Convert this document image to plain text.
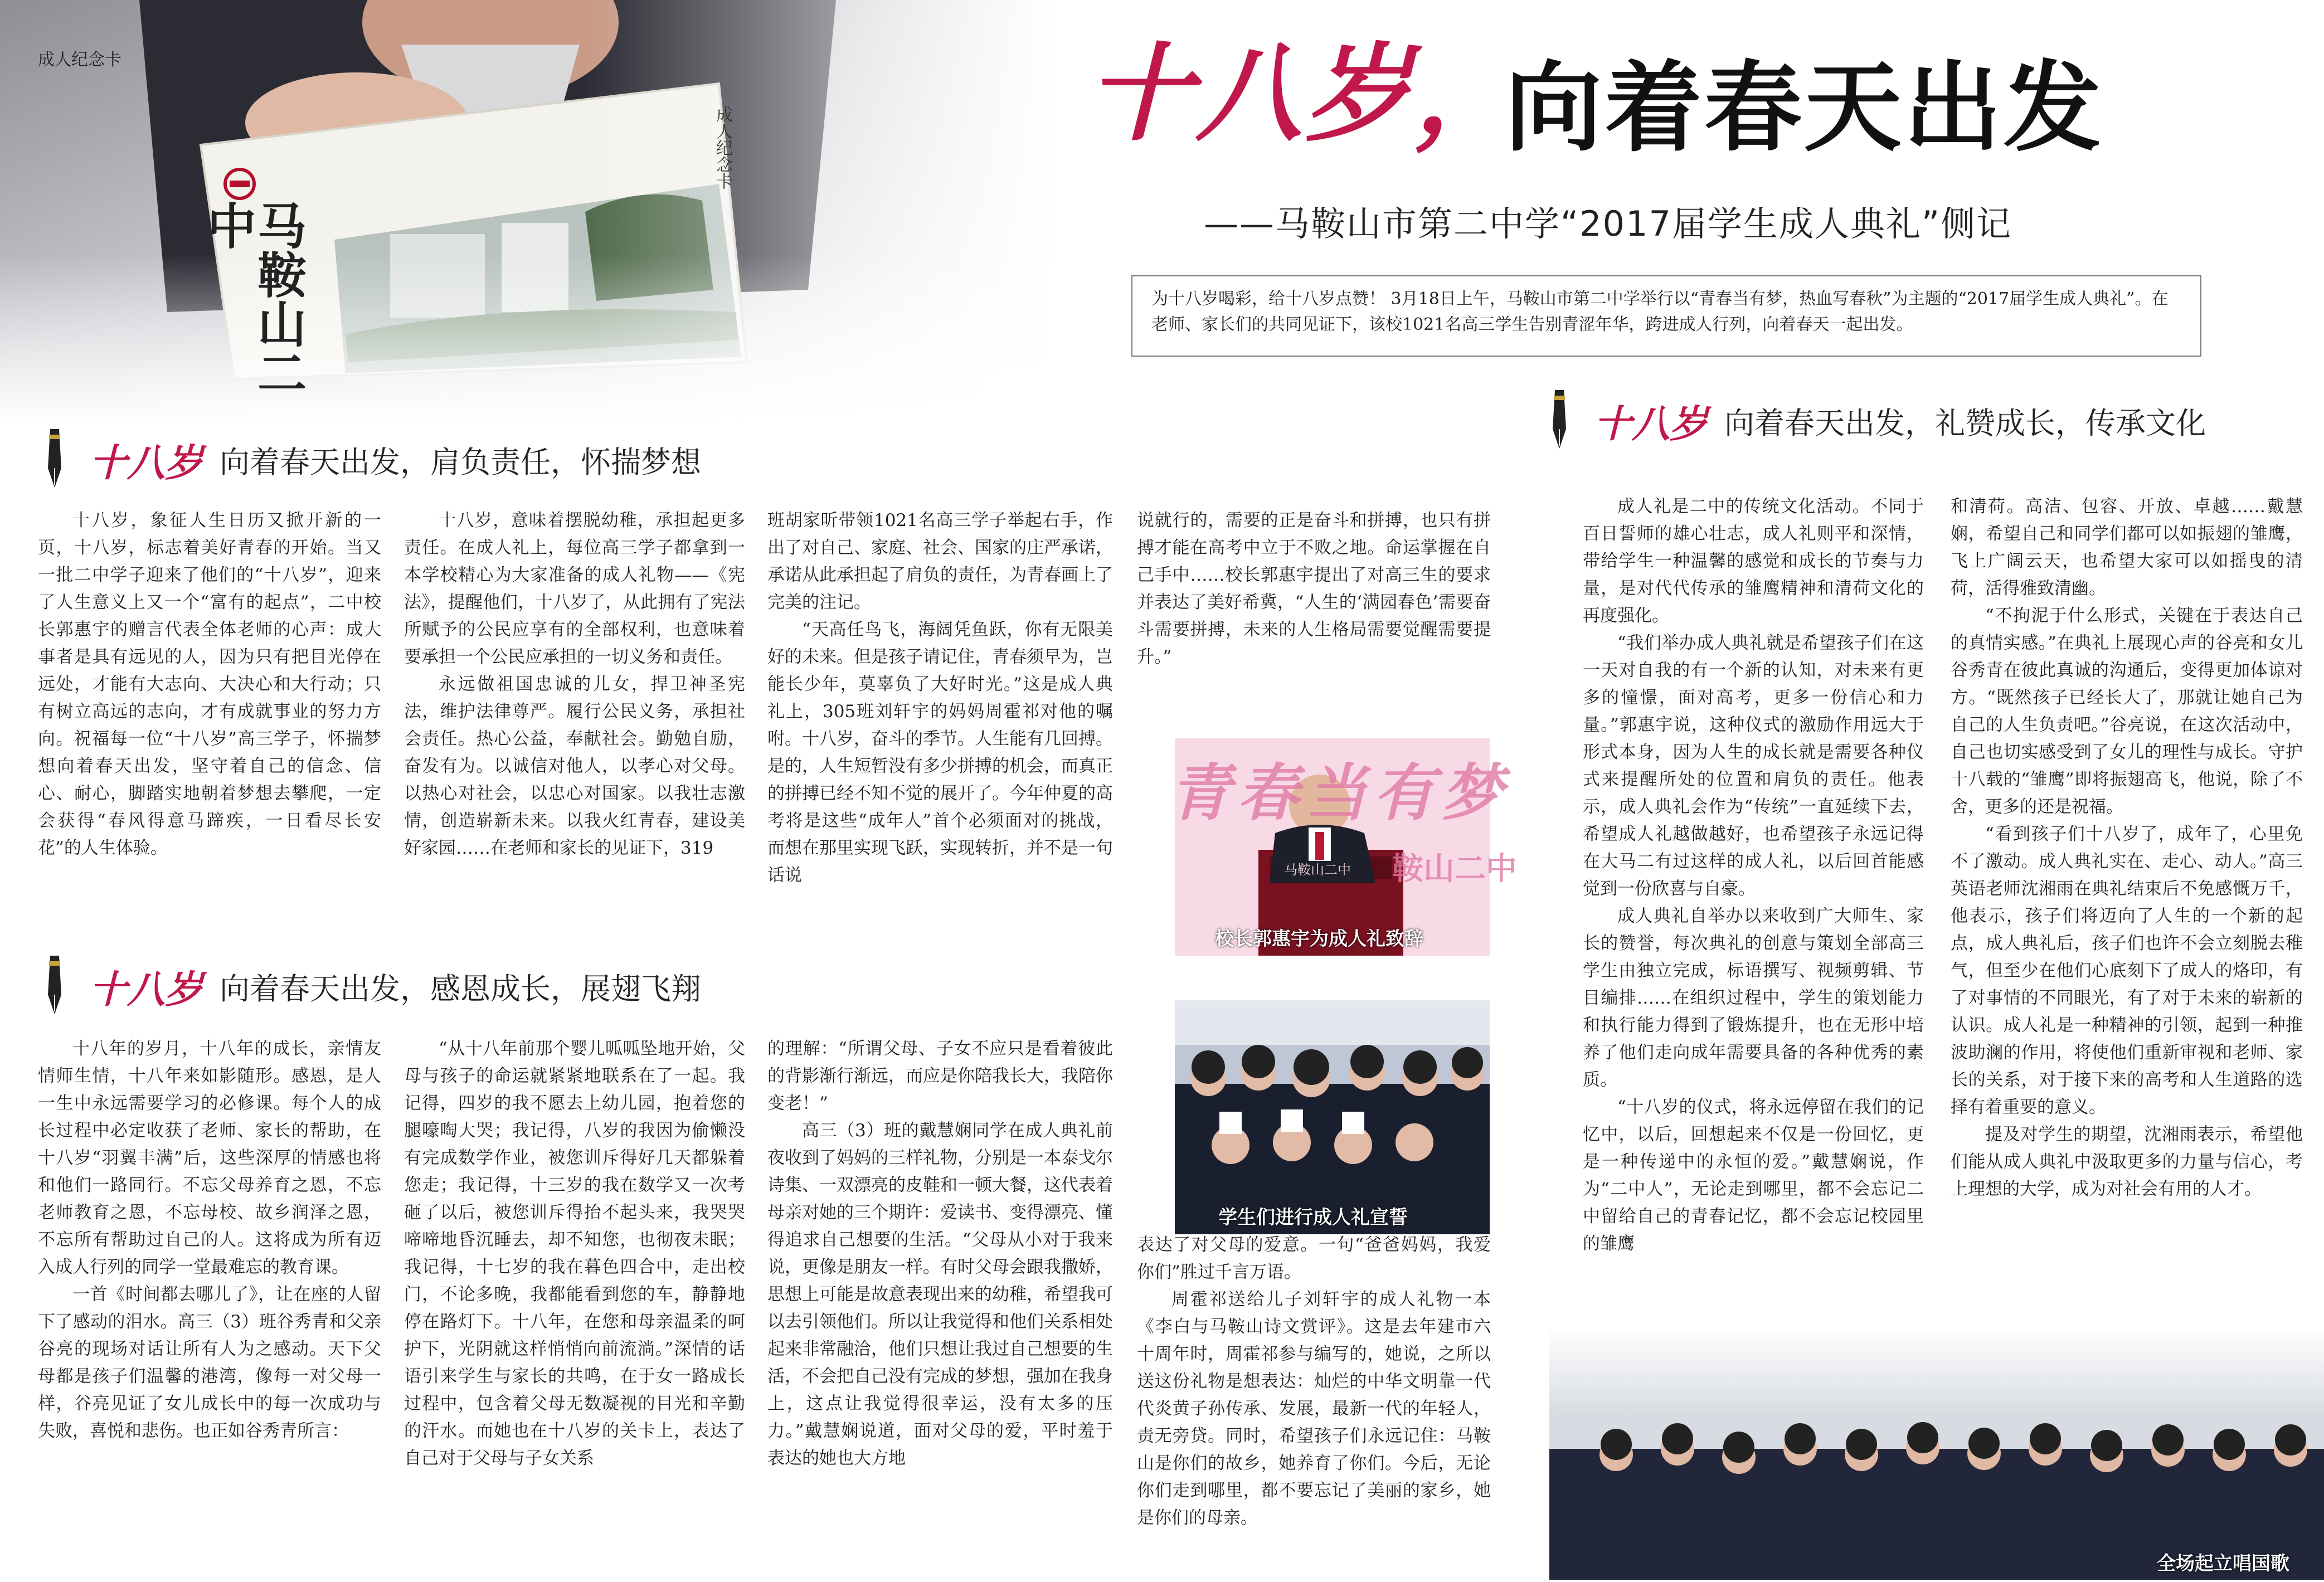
马鞍山二中
成人纪念卡
成人纪念卡	十八岁，
向着春天出发
——马鞍山市第二中学“2017届学生成人典礼”侧记
为十八岁喝彩，给十八岁点赞！ 3月18日上午，马鞍山市第二中学举行以“青春当有梦，热血写春秋”为主题的“2017届学生成人典礼”。在老师、家长们的共同见证下，该校1021名高三学生告别青涩年华，跨进成人行列，向着春天一起出发。
十八岁 向着春天出发，肩负责任，怀揣梦想

十八岁，象征人生日历又掀开新的一页，十八岁，标志着美好青春的开始。当又一批二中学子迎来了他们的“十八岁”，迎来了人生意义上又一个“富有的起点”，二中校长郭惠宇的赠言代表全体老师的心声：成大事者是具有远见的人，因为只有把目光停在远处，才能有大志向、大决心和大行动；只有树立高远的志向，才有成就事业的努力方向。祝福每一位“十八岁”高三学子，怀揣梦想向着春天出发，坚守着自己的信念、信心、耐心，脚踏实地朝着梦想去攀爬，一定会获得“春风得意马蹄疾，一日看尽长安花”的人生体验。

十八岁，意味着摆脱幼稚，承担起更多责任。在成人礼上，每位高三学子都拿到一本学校精心为大家准备的成人礼物——《宪法》，提醒他们，十八岁了，从此拥有了宪法所赋予的公民应享有的全部权利，也意味着要承担一个公民应承担的一切义务和责任。

永远做祖国忠诚的儿女，捍卫神圣宪法，维护法律尊严。履行公民义务，承担社会责任。热心公益，奉献社会。勤勉自励，奋发有为。以诚信对他人，以孝心对父母。以热心对社会，以忠心对国家。以我壮志激情，创造崭新未来。以我火红青春，建设美好家园……在老师和家长的见证下，319

班胡家昕带领1021名高三学子举起右手，作出了对自己、家庭、社会、国家的庄严承诺，承诺从此承担起了肩负的责任，为青春画上了完美的注记。

“天高任鸟飞，海阔凭鱼跃，你有无限美好的未来。但是孩子请记住，青春须早为，岂能长少年，莫辜负了大好时光。”这是成人典礼上，305班刘轩宇的妈妈周霍祁对他的嘱咐。十八岁，奋斗的季节。人生能有几回搏。是的，人生短暂没有多少拼搏的机会，而真正的拼搏已经不知不觉的展开了。今年仲夏的高考将是这些“成年人”首个必须面对的挑战，而想在那里实现飞跃，实现转折，并不是一句话说

说就行的，需要的正是奋斗和拼搏，也只有拼搏才能在高考中立于不败之地。命运掌握在自己手中……校长郭惠宇提出了对高三生的要求并表达了美好希冀，“人生的‘满园春色’需要奋斗需要拼搏，未来的人生格局需要觉醒需要提升。”

青春当有梦
鞍山二中
马鞍山二中
校长郭惠宇为成人礼致辞
十八岁 向着春天出发，感恩成长，展翅飞翔

十八年的岁月，十八年的成长，亲情友情师生情，十八年来如影随形。感恩，是人一生中永远需要学习的必修课。每个人的成长过程中必定收获了老师、家长的帮助，在十八岁“羽翼丰满”后，这些深厚的情感也将和他们一路同行。不忘父母养育之恩，不忘老师教育之恩，不忘母校、故乡润泽之恩，不忘所有帮助过自己的人。这将成为所有迈入成人行列的同学一堂最难忘的教育课。

一首《时间都去哪儿了》，让在座的人留下了感动的泪水。高三（3）班谷秀青和父亲谷亮的现场对话让所有人为之感动。天下父母都是孩子们温馨的港湾，像每一对父母一样，谷亮见证了女儿成长中的每一次成功与失败，喜悦和悲伤。也正如谷秀青所言：

“从十八年前那个婴儿呱呱坠地开始，父母与孩子的命运就紧紧地联系在了一起。我记得，四岁的我不愿去上幼儿园，抱着您的腿嚎啕大哭；我记得，八岁的我因为偷懒没有完成数学作业，被您训斥得好几天都躲着您走；我记得，十三岁的我在数学又一次考砸了以后，被您训斥得抬不起头来，我哭哭啼啼地昏沉睡去，却不知您，也彻夜未眠；我记得，十七岁的我在暮色四合中，走出校门，不论多晚，我都能看到您的车，静静地停在路灯下。十八年，在您和母亲温柔的呵护下，光阴就这样悄悄向前流淌。”深情的话语引来学生与家长的共鸣，在于女一路成长过程中，包含着父母无数凝视的目光和辛勤的汗水。而她也在十八岁的关卡上，表达了自己对于父母与子女关系

的理解：“所谓父母、子女不应只是看着彼此的背影渐行渐远，而应是你陪我长大，我陪你变老！”

高三（3）班的戴慧娴同学在成人典礼前夜收到了妈妈的三样礼物，分别是一本泰戈尔诗集、一双漂亮的皮鞋和一顿大餐，这代表着母亲对她的三个期许：爱读书、变得漂亮、懂得追求自己想要的生活。“父母从小对于我来说，更像是朋友一样。有时父母会跟我撒娇，思想上可能是故意表现出来的幼稚，希望我可以去引领他们。所以让我觉得和他们关系相处起来非常融洽，他们只想让我过自己想要的生活，不会把自己没有完成的梦想，强加在我身上，这点让我觉得很幸运，没有太多的压力。”戴慧娴说道，面对父母的爱，平时羞于表达的她也大方地

学生们进行成人礼宣誓

表达了对父母的爱意。一句“爸爸妈妈，我爱你们”胜过千言万语。

周霍祁送给儿子刘轩宇的成人礼物一本《李白与马鞍山诗文赏评》。这是去年建市六十周年时，周霍祁参与编写的，她说，之所以送这份礼物是想表达：灿烂的中华文明靠一代代炎黄子孙传承、发展，最新一代的年轻人，责无旁贷。同时，希望孩子们永远记住：马鞍山是你们的故乡，她养育了你们。今后，无论你们走到哪里，都不要忘记了美丽的家乡，她是你们的母亲。

十八岁 向着春天出发，礼赞成长，传承文化

成人礼是二中的传统文化活动。不同于百日誓师的雄心壮志，成人礼则平和深情，带给学生一种温馨的感觉和成长的节奏与力量，是对代代传承的雏鹰精神和清荷文化的再度强化。

“我们举办成人典礼就是希望孩子们在这一天对自我的有一个新的认知，对未来有更多的憧憬，面对高考，更多一份信心和力量。”郭惠宇说，这种仪式的激励作用远大于形式本身，因为人生的成长就是需要各种仪式来提醒所处的位置和肩负的责任。他表示，成人典礼会作为“传统”一直延续下去，希望成人礼越做越好，也希望孩子永远记得在大马二有过这样的成人礼，以后回首能感觉到一份欣喜与自豪。

成人典礼自举办以来收到广大师生、家长的赞誉，每次典礼的创意与策划全部高三学生由独立完成，标语撰写、视频剪辑、节目编排……在组织过程中，学生的策划能力和执行能力得到了锻炼提升，也在无形中培养了他们走向成年需要具备的各种优秀的素质。

“十八岁的仪式，将永远停留在我们的记忆中，以后，回想起来不仅是一份回忆，更是一种传递中的永恒的爱。”戴慧娴说，作为“二中人”，无论走到哪里，都不会忘记二中留给自己的青春记忆，都不会忘记校园里的雏鹰

和清荷。高洁、包容、开放、卓越……戴慧娴，希望自己和同学们都可以如振翅的雏鹰，飞上广阔云天，也希望大家可以如摇曳的清荷，活得雅致清幽。

“不拘泥于什么形式，关键在于表达自己的真情实感。”在典礼上展现心声的谷亮和女儿谷秀青在彼此真诚的沟通后，变得更加体谅对方。“既然孩子已经长大了，那就让她自己为自己的人生负责吧。”谷亮说，在这次活动中，自己也切实感受到了女儿的理性与成长。守护十八载的“雏鹰”即将振翅高飞，他说，除了不舍，更多的还是祝福。

“看到孩子们十八岁了，成年了，心里免不了激动。成人典礼实在、走心、动人。”高三英语老师沈湘雨在典礼结束后不免感慨万千，他表示，孩子们将迈向了人生的一个新的起点，成人典礼后，孩子们也许不会立刻脱去稚气，但至少在他们心底刻下了成人的烙印，有了对事情的不同眼光，有了对于未来的崭新的认识。成人礼是一种精神的引领，起到一种推波助澜的作用，将使他们重新审视和老师、家长的关系，对于接下来的高考和人生道路的选择有着重要的意义。

提及对学生的期望，沈湘雨表示，希望他们能从成人典礼中汲取更多的力量与信心，考上理想的大学，成为对社会有用的人才。

全场起立唱国歌
